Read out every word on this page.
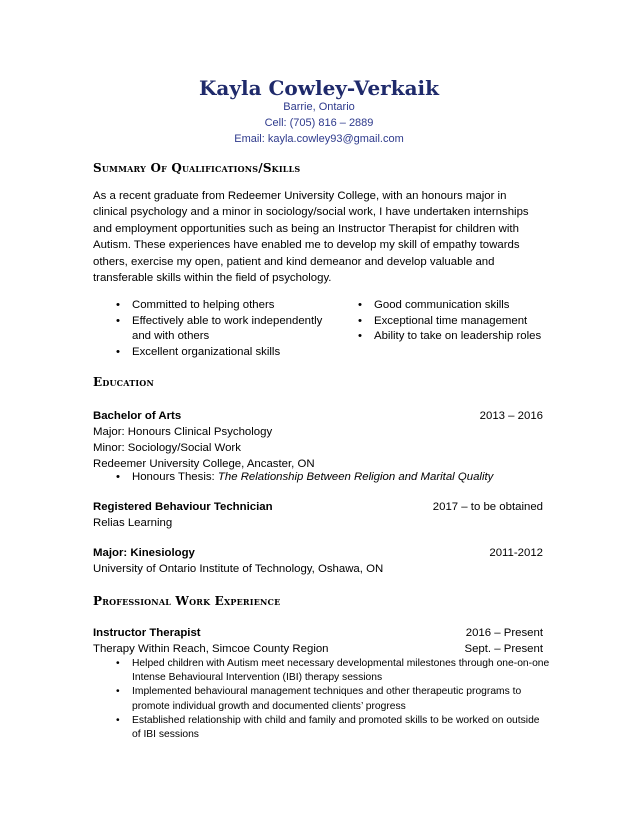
Kayla Cowley-Verkaik
Barrie, Ontario
Cell: (705) 816 – 2889
Email: kayla.cowley93@gmail.com
Summary Of Qualifications/Skills
As a recent graduate from Redeemer University College, with an honours major in clinical psychology and a minor in sociology/social work, I have undertaken internships and employment opportunities such as being an Instructor Therapist for children with Autism. These experiences have enabled me to develop my skill of empathy towards others, exercise my open, patient and kind demeanor and develop valuable and transferable skills within the field of psychology.
• Committed to helping others
• Effectively able to work independently and with others
• Excellent organizational skills
• Good communication skills
• Exceptional time management
• Ability to take on leadership roles
Education
Bachelor of Arts	2013 – 2016
Major: Honours Clinical Psychology
Minor: Sociology/Social Work
Redeemer University College, Ancaster, ON
• Honours Thesis: The Relationship Between Religion and Marital Quality
Registered Behaviour Technician	2017 – to be obtained
Relias Learning
Major: Kinesiology	2011-2012
University of Ontario Institute of Technology, Oshawa, ON
Professional Work Experience
Instructor Therapist	2016 – Present
Therapy Within Reach, Simcoe County Region	Sept. – Present
• Helped children with Autism meet necessary developmental milestones through one-on-one Intense Behavioural Intervention (IBI) therapy sessions
• Implemented behavioural management techniques and other therapeutic programs to promote individual growth and documented clients’ progress
• Established relationship with child and family and promoted skills to be worked on outside of IBI sessions
